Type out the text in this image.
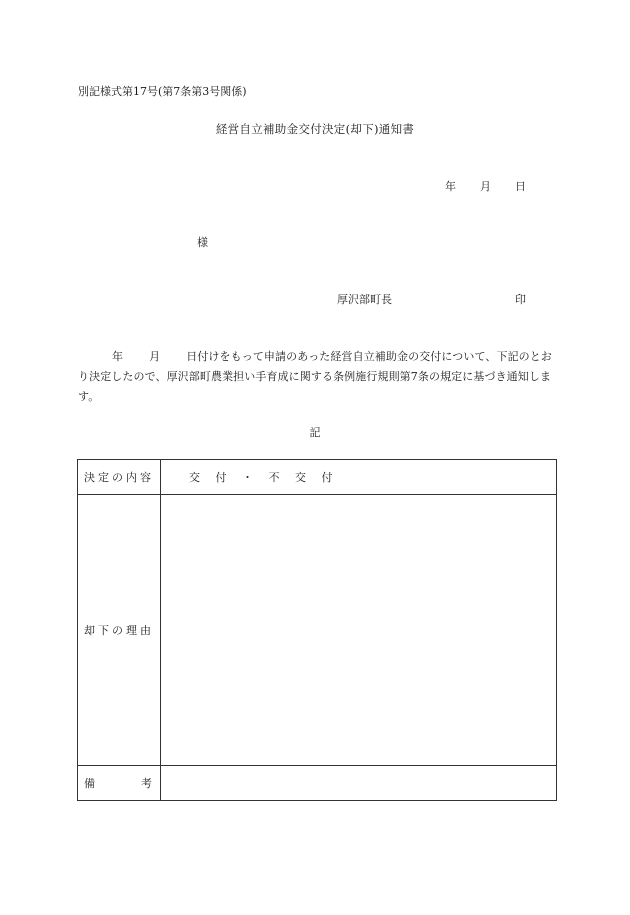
別記様式第17号(第7条第3号関係)
経営自立補助金交付決定(却下)通知書
年 月 日
様
厚沢部町長	印
年 月 日付けをもって申請のあった経営自立補助金の交付について、下記のとおり決定したので、厚沢部町農業担い手育成に関する条例施行規則第7条の規定に基づき通知します。
記
決定の内容	交 付 ・ 不 交 付
却下の理由	
備 考	
